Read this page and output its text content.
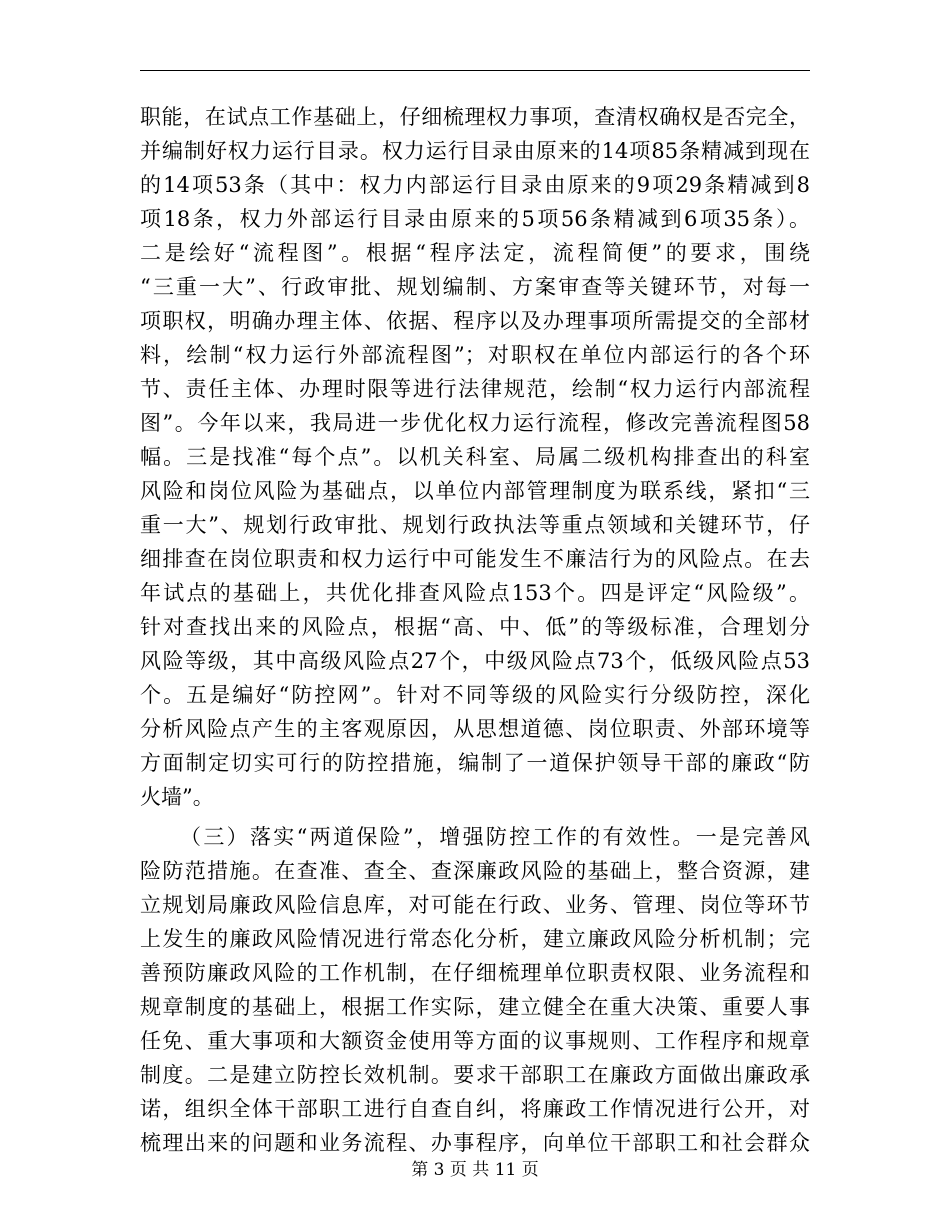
职能，在试点工作基础上，仔细梳理权力事项，查清权确权是否完全，
并编制好权力运行目录。权力运行目录由原来的14项85条精减到现在
的14项53条（其中：权力内部运行目录由原来的9项29条精减到8
项18条，权力外部运行目录由原来的5项56条精减到6项35条）。
二是绘好“流程图”。根据“程序法定，流程简便”的要求，围绕
“三重一大”、行政审批、规划编制、方案审查等关键环节，对每一
项职权，明确办理主体、依据、程序以及办理事项所需提交的全部材
料，绘制“权力运行外部流程图”；对职权在单位内部运行的各个环
节、责任主体、办理时限等进行法律规范，绘制“权力运行内部流程
图”。今年以来，我局进一步优化权力运行流程，修改完善流程图58
幅。三是找准“每个点”。以机关科室、局属二级机构排查出的科室
风险和岗位风险为基础点，以单位内部管理制度为联系线，紧扣“三
重一大”、规划行政审批、规划行政执法等重点领域和关键环节，仔
细排查在岗位职责和权力运行中可能发生不廉洁行为的风险点。在去
年试点的基础上，共优化排查风险点153个。四是评定“风险级”。
针对查找出来的风险点，根据“高、中、低”的等级标准，合理划分
风险等级，其中高级风险点27个，中级风险点73个，低级风险点53
个。五是编好“防控网”。针对不同等级的风险实行分级防控，深化
分析风险点产生的主客观原因，从思想道德、岗位职责、外部环境等
方面制定切实可行的防控措施，编制了一道保护领导干部的廉政“防
火墙”。
（三）落实“两道保险”，增强防控工作的有效性。一是完善风
险防范措施。在查准、查全、查深廉政风险的基础上，整合资源，建
立规划局廉政风险信息库，对可能在行政、业务、管理、岗位等环节
上发生的廉政风险情况进行常态化分析，建立廉政风险分析机制；完
善预防廉政风险的工作机制，在仔细梳理单位职责权限、业务流程和
规章制度的基础上，根据工作实际，建立健全在重大决策、重要人事
任免、重大事项和大额资金使用等方面的议事规则、工作程序和规章
制度。二是建立防控长效机制。要求干部职工在廉政方面做出廉政承
诺，组织全体干部职工进行自查自纠，将廉政工作情况进行公开，对
梳理出来的问题和业务流程、办事程序，向单位干部职工和社会群众
第 3 页 共 11 页
